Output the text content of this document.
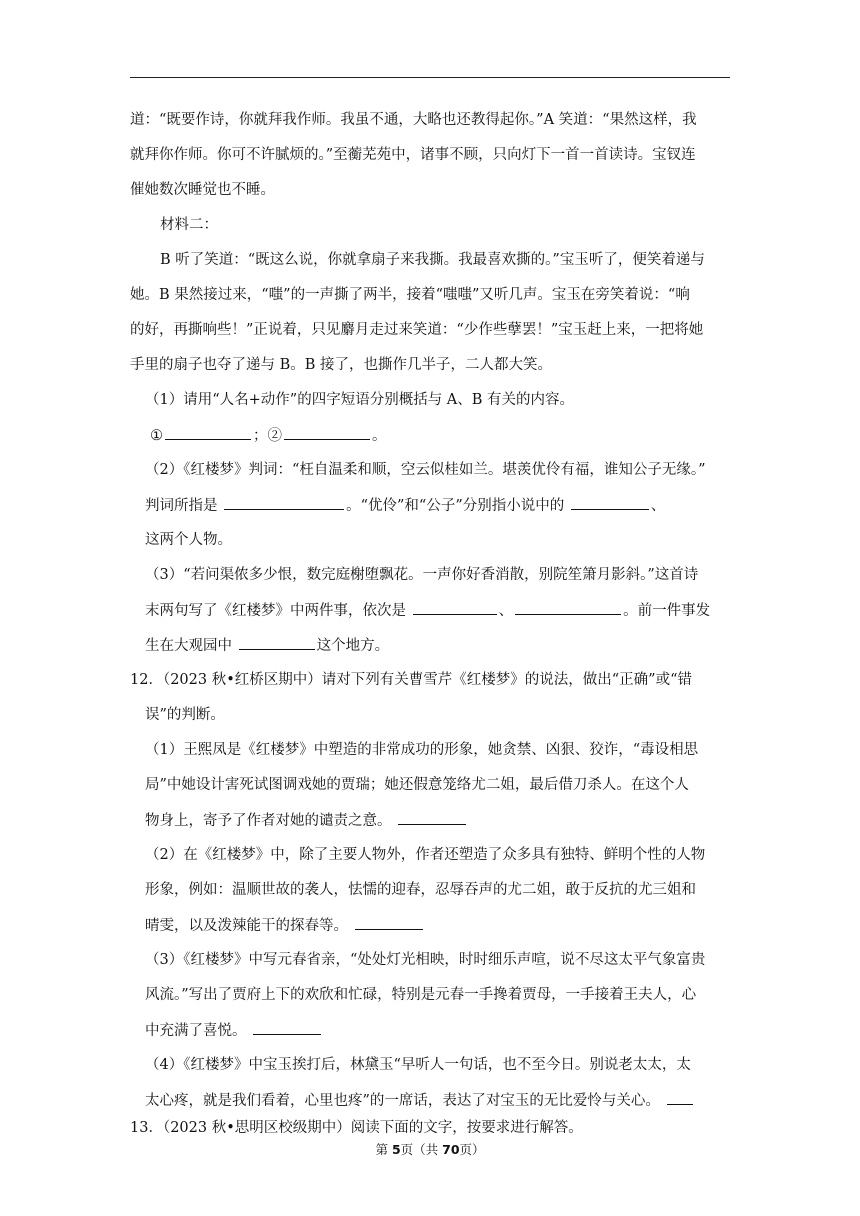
道：“既要作诗，你就拜我作师。我虽不通，大略也还教得起你。”A 笑道：“果然这样，我
就拜你作师。你可不许腻烦的。”至蘅芜苑中，诸事不顾，只向灯下一首一首读诗。宝钗连
催她数次睡觉也不睡。
材料二：
B 听了笑道：“既这么说，你就拿扇子来我撕。我最喜欢撕的。”宝玉听了，便笑着递与
她。B 果然接过来，“嗤”的一声撕了两半，接着“嗤嗤”又听几声。宝玉在旁笑着说：“响
的好，再撕响些！”正说着，只见麝月走过来笑道：“少作些孽罢！”宝玉赶上来，一把将她
手里的扇子也夺了递与 B。B 接了，也撕作几半子，二人都大笑。
（1）请用“人名+动作”的四字短语分别概括与 A、B 有关的内容。
①	；②	。
（2）《红楼梦》判词：“枉自温柔和顺，空云似桂如兰。堪羡优伶有福，谁知公子无缘。”
判词所指是	。“优伶”和“公子”分别指小说中的	、
这两个人物。
（3）“若问渠侬多少恨，数完庭榭堕飘花。一声你好香消散，别院笙箫月影斜。”这首诗
末两句写了《红楼梦》中两件事，依次是	、	。前一件事发
生在大观园中	这个地方。
12．（2023 秋•红桥区期中）请对下列有关曹雪芹《红楼梦》的说法，做出“正确”或“错
误”的判断。
（1）王熙凤是《红楼梦》中塑造的非常成功的形象，她贪禁、凶狠、狡诈，“毒设相思
局”中她设计害死试图调戏她的贾瑞；她还假意笼络尤二姐，最后借刀杀人。在这个人
物身上，寄予了作者对她的谴责之意。
（2）在《红楼梦》中，除了主要人物外，作者还塑造了众多具有独特、鲜明个性的人物
形象，例如：温顺世故的袭人，怯懦的迎春，忍辱吞声的尤二姐，敢于反抗的尤三姐和
晴雯，以及泼辣能干的探春等。
（3）《红楼梦》中写元春省亲，“处处灯光相映，时时细乐声喧，说不尽这太平气象富贵
风流。”写出了贾府上下的欢欣和忙碌，特别是元春一手搀着贾母，一手接着王夫人，心
中充满了喜悦。
（4）《红楼梦》中宝玉挨打后，林黛玉“早听人一句话，也不至今日。别说老太太，太
太心疼，就是我们看着，心里也疼”的一席话，表达了对宝玉的无比爱怜与关心。
13．（2023 秋•思明区校级期中）阅读下面的文字，按要求进行解答。
第 5页（共 70页）
